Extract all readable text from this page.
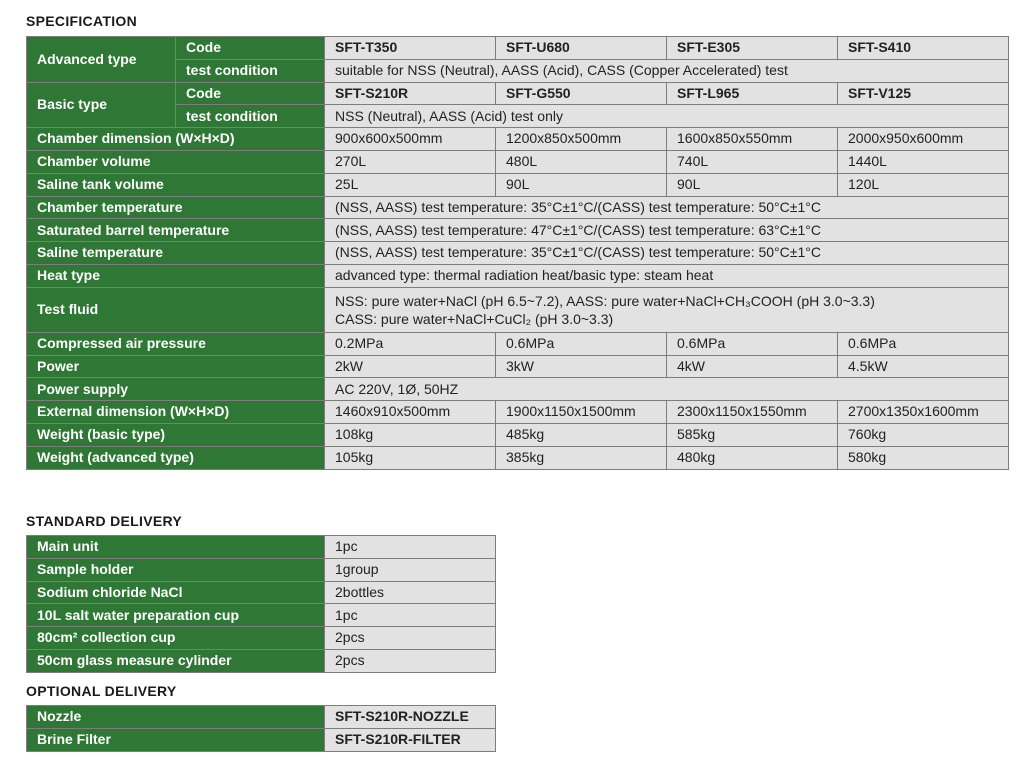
SPECIFICATION
Advanced type	Code	SFT-T350	SFT-U680	SFT-E305	SFT-S410
	test condition	suitable for NSS (Neutral), AASS (Acid), CASS (Copper Accelerated) test			
Basic type	Code	SFT-S210R	SFT-G550	SFT-L965	SFT-V125
	test condition	NSS (Neutral), AASS (Acid) test only			
Chamber dimension (W×H×D)		900x600x500mm	1200x850x500mm	1600x850x550mm	2000x950x600mm
Chamber volume		270L	480L	740L	1440L
Saline tank volume		25L	90L	90L	120L
Chamber temperature		(NSS, AASS) test temperature: 35°C±1°C/(CASS) test temperature: 50°C±1°C			
Saturated barrel temperature		(NSS, AASS) test temperature: 47°C±1°C/(CASS) test temperature: 63°C±1°C			
Saline temperature		(NSS, AASS) test temperature: 35°C±1°C/(CASS) test temperature: 50°C±1°C			
Heat type		advanced type: thermal radiation heat/basic type: steam heat			
Test fluid		NSS: pure water+NaCl (pH 6.5~7.2), AASS: pure water+NaCl+CH₃COOH (pH 3.0~3.3)
CASS: pure water+NaCl+CuCl₂ (pH 3.0~3.3)			

Compressed air pressure		0.2MPa	0.6MPa	0.6MPa	0.6MPa
Power		2kW	3kW	4kW	4.5kW
Power supply		AC 220V, 1Ø, 50HZ			
External dimension (W×H×D)		1460x910x500mm	1900x1150x1500mm	2300x1150x1550mm	2700x1350x1600mm
Weight (basic type)		108kg	485kg	585kg	760kg
Weight (advanced type)		105kg	385kg	480kg	580kg
STANDARD DELIVERY
Main unit	1pc
Sample holder	1group
Sodium chloride NaCl	2bottles
10L salt water preparation cup	1pc
80cm² collection cup	2pcs
50cm glass measure cylinder	2pcs
OPTIONAL DELIVERY
Nozzle	SFT-S210R-NOZZLE
Brine Filter	SFT-S210R-FILTER
